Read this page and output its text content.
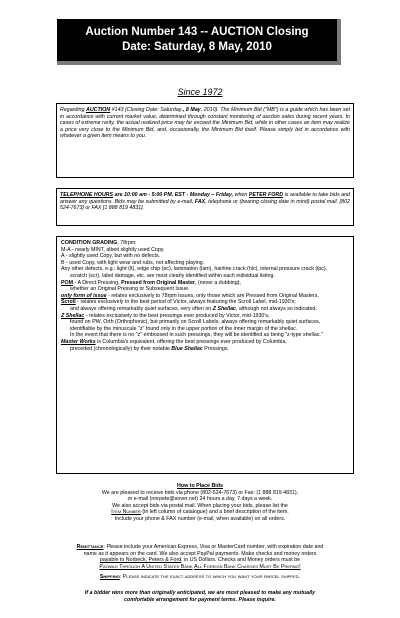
Auction Number 143 -- AUCTION Closing
Date: Saturday, 8 May, 2010
Since 1972
Regarding AUCTION #143 (Closing Date: Saturday., 8 May, 2010). The Minimum Bid ("MB") is a guide which has been set in accordance with current market value, determined through constant monitoring of auction sales during recent years. In cases of extreme rarity, the actual realized price may far exceed the Minimum Bid, while in other cases an item may realize a price very close to the Minimum Bid, and, occasionally, the Minimum Bid itself. Please simply bid in accordance with whatever a given item means to you.
TELEPHONE HOURS are 10:00 am - 5:00 PM, EST - Monday – Friday, when PETER FORD is available to take bids and answer any questions. Bids may be submitted by e-mail, FAX, telephone or (bearing closing date in mind) postal mail. [802 524-7673] or FAX [1 888 819 4831].

CONDITION GRADING, 78rpm:

M-A - nearly MINT, albeit slightly used Copy.

A - slightly used Copy, but with no defects.

B - used Copy, with light wear and rubs, not affecting playing.

Any other defects, e.g.: light (lt), edge chip (ec), lamination (lam), hairline crack (hlc), internal pressure crack (ipc),

scratch (scr), label damage, etc. are most clearly identified within each individual listing.

POM - A Direct Pressing, Pressed from Original Master, (never a dubbing),

whether an Original Pressing or Subsequent Issue.

only form of issue - relates exclusively to 78rpm issues, only those which are Pressed from Original Masters.

Scroll - relates exclusively to the best period of Victor, always featuring the Scroll Label, mid-1930's;

and always offering remarkably quiet surfaces, very often on Z Shellac, although not always so indicated.

Z Shellac - relates exclusively to the best pressings ever produced by Victor, mid-1930's,

found on PW, Orth (Orthophonic), but primarily on Scroll Labels, always offering remarkably quiet surfaces,

identifiable by the minuscule "z" found only in the upper portion of the inner margin of the shellac.

In the event that there is no "z" embossed in such pressings, they will be identified as being "z-type shellac."

Master Works is Columbia's equivalent, offering the best pressings ever produced by Columbia,

preceded (chronologically) by their notable Blue Shellac Pressings.

How to Place Bids

We are pleased to receive bids via phone (802-524-7673) or Fax: (1 888 819 4831),

or e-mail (norpete@sover.net) 24 hours a day, 7 days a week.

We also accept bids via postal mail. When placing your bids, please list the

Item Number (in left column of catalogue) and a brief description of the item.

Include your phone & FAX number (e-mail, when available) on all orders.

Remittance: Please include your American Express, Visa or MasterCard number, with expiration date and

name as it appears on the card. We also accept PayPal payments. Make checks and money orders

payable to Norbeck, Peters & Ford, in US Dollars. Checks and Money orders must be

Payable Through A United States Bank All Foreign Bank Charges Must Be Prepaid!

Shipping: Please indicate the exact address to which you want your parcel shipped.

If a bidder wins more than originally anticipated, we are most pleased to make any mutually

comfortable arrangement for payment terms. Please inquire.
